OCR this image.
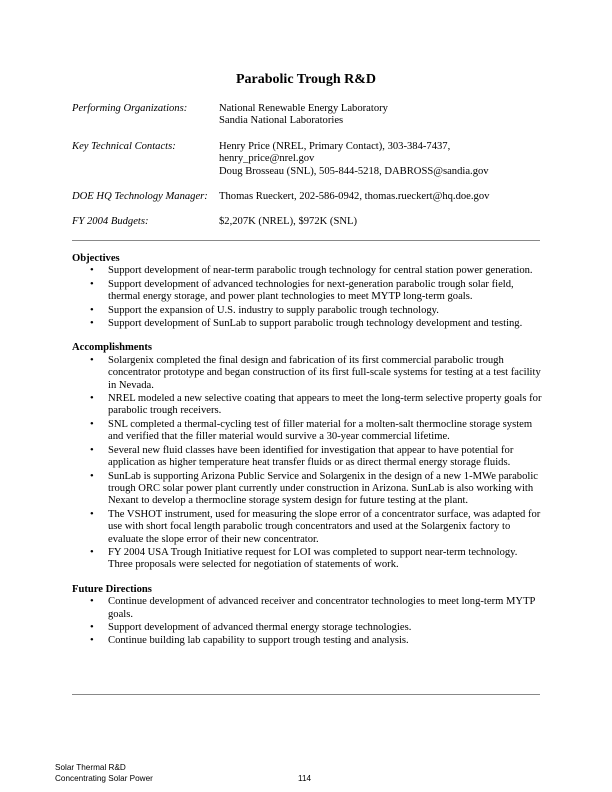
Parabolic Trough R&D
Performing Organizations:	National Renewable Energy Laboratory
Sandia National Laboratories
Key Technical Contacts:	Henry Price (NREL, Primary Contact), 303-384-7437,
henry_price@nrel.gov
Doug Brosseau (SNL), 505-844-5218, DABROSS@sandia.gov
DOE HQ Technology Manager:	Thomas Rueckert, 202-586-0942, thomas.rueckert@hq.doe.gov
FY 2004 Budgets:	$2,207K (NREL), $972K (SNL)
Objectives
• Support development of near-term parabolic trough technology for central station power generation.
• Support development of advanced technologies for next-generation parabolic trough solar field, thermal energy storage, and power plant technologies to meet MYTP long-term goals.
• Support the expansion of U.S. industry to supply parabolic trough technology.
• Support development of SunLab to support parabolic trough technology development and testing.
Accomplishments
• Solargenix completed the final design and fabrication of its first commercial parabolic trough concentrator prototype and began construction of its first full-scale systems for testing at a test facility in Nevada.
• NREL modeled a new selective coating that appears to meet the long-term selective property goals for parabolic trough receivers.
• SNL completed a thermal-cycling test of filler material for a molten-salt thermocline storage system and verified that the filler material would survive a 30-year commercial lifetime.
• Several new fluid classes have been identified for investigation that appear to have potential for application as higher temperature heat transfer fluids or as direct thermal energy storage fluids.
• SunLab is supporting Arizona Public Service and Solargenix in the design of a new 1-MWe parabolic trough ORC solar power plant currently under construction in Arizona. SunLab is also working with Nexant to develop a thermocline storage system design for future testing at the plant.
• The VSHOT instrument, used for measuring the slope error of a concentrator surface, was adapted for use with short focal length parabolic trough concentrators and used at the Solargenix factory to evaluate the slope error of their new concentrator.
• FY 2004 USA Trough Initiative request for LOI was completed to support near-term technology. Three proposals were selected for negotiation of statements of work.
Future Directions
• Continue development of advanced receiver and concentrator technologies to meet long-term MYTP goals.
• Support development of advanced thermal energy storage technologies.
• Continue building lab capability to support trough testing and analysis.
Solar Thermal R&D
Concentrating Solar Power	114
